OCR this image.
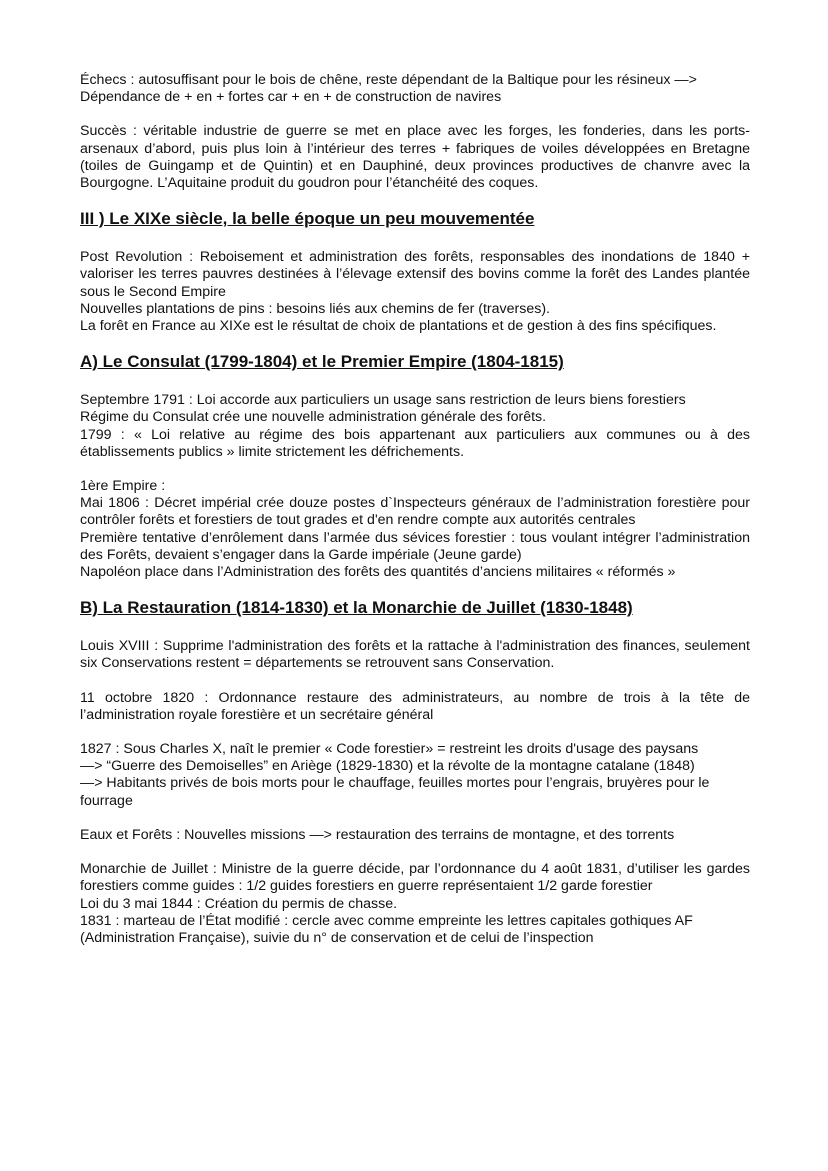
Échecs : autosuffisant pour le bois de chêne, reste dépendant de la Baltique pour les résineux —> Dépendance de + en + fortes car + en + de construction de navires

Succès : véritable industrie de guerre se met en place avec les forges, les fonderies, dans les ports-arsenaux d’abord, puis plus loin à l’intérieur des terres + fabriques de voiles développées en Bretagne (toiles de Guingamp et de Quintin) et en Dauphiné, deux provinces productives de chanvre avec la Bourgogne. L’Aquitaine produit du goudron pour l’étanchéité des coques.

III ) Le XIXe siècle, la belle époque un peu mouvementée
Post Revolution : Reboisement et administration des forêts, responsables des inondations de 1840 + valoriser les terres pauvres destinées à l’élevage extensif des bovins comme la forêt des Landes plantée sous le Second Empire
Nouvelles plantations de pins : besoins liés aux chemins de fer (traverses).
La forêt en France au XIXe est le résultat de choix de plantations et de gestion à des fins spécifiques.
A) Le Consulat (1799-1804) et le Premier Empire (1804-1815)
Septembre 1791 : Loi accorde aux particuliers un usage sans restriction de leurs biens forestiers
Régime du Consulat crée une nouvelle administration générale des forêts.
1799 : « Loi relative au régime des bois appartenant aux particuliers aux communes ou à des établissements publics » limite strictement les défrichements.
1ère Empire :
Mai 1806 : Décret impérial crée douze postes d`Inspecteurs généraux de l’administration forestière pour contrôler forêts et forestiers de tout grades et d'en rendre compte aux autorités centrales
Première tentative d’enrôlement dans l’armée dus sévices forestier : tous voulant intégrer l’administration des Forêts, devaient s’engager dans la Garde impériale (Jeune garde)
Napoléon place dans l’Administration des forêts des quantités d’anciens militaires « réformés »
B) La Restauration (1814-1830) et la Monarchie de Juillet (1830-1848)

Louis XVIII : Supprime l'administration des forêts et la rattache à l'administration des finances, seulement six Conservations restent = départements se retrouvent sans Conservation.

11 octobre 1820 : Ordonnance restaure des administrateurs, au nombre de trois à la tête de l’administration royale forestière et un secrétaire général

1827 : Sous Charles X, naît le premier « Code forestier» = restreint les droits d'usage des paysans
—> “Guerre des Demoiselles” en Ariège (1829-1830) et la révolte de la montagne catalane (1848)
—> Habitants privés de bois morts pour le chauffage, feuilles mortes pour l’engrais, bruyères pour le fourrage

Eaux et Forêts : Nouvelles missions —> restauration des terrains de montagne, et des torrents

Monarchie de Juillet : Ministre de la guerre décide, par l’ordonnance du 4 août 1831, d’utiliser les gardes forestiers comme guides : 1/2 guides forestiers en guerre représentaient 1/2 garde forestier
Loi du 3 mai 1844 : Création du permis de chasse.
1831 : marteau de l’État modifié : cercle avec comme empreinte les lettres capitales gothiques AF (Administration Française), suivie du n° de conservation et de celui de l’inspection
